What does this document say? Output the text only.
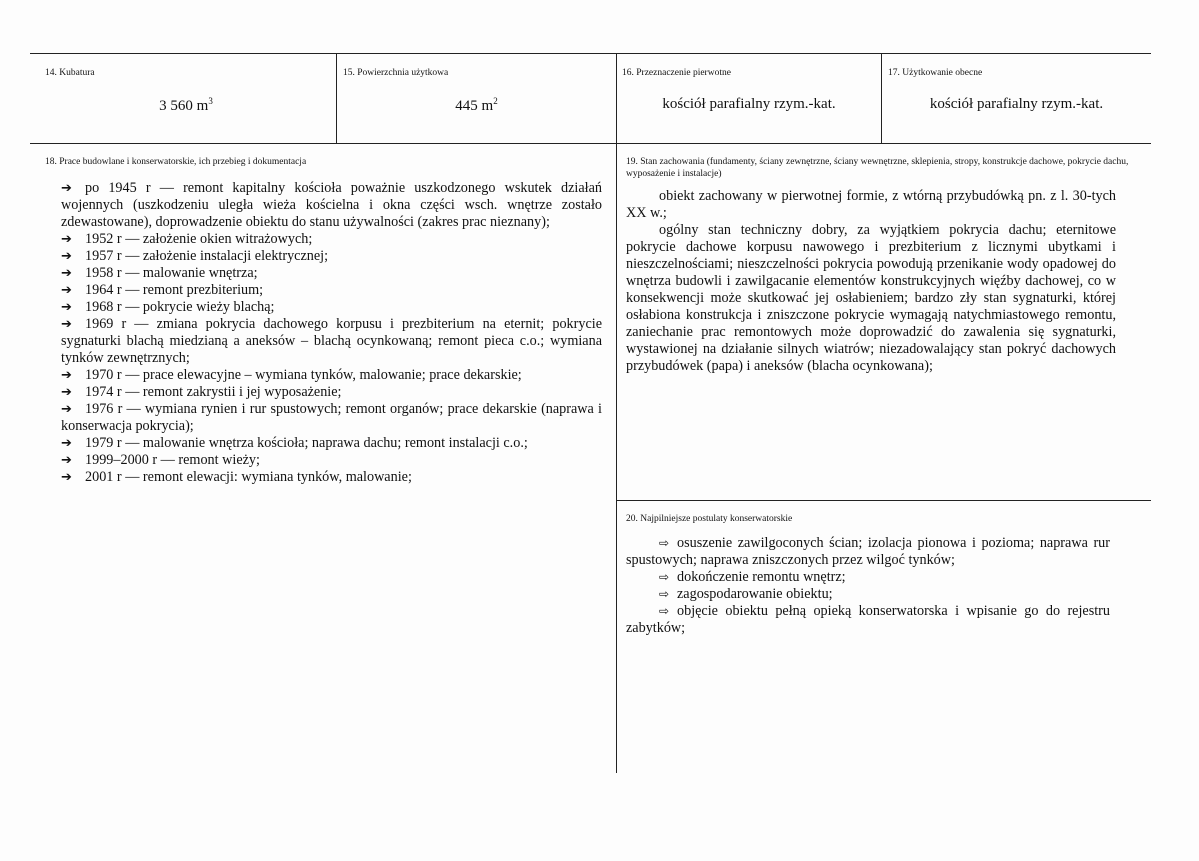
14. Kubatura
3 560 $m^3$
15. Powierzchnia użytkowa
445 $m^2$
16. Przeznaczenie pierwotne
kościół parafialny rzym.-kat.
17. Użytkowanie obecne
kościół parafialny rzym.-kat.
18. Prace budowlane i konserwatorskie, ich przebieg i dokumentacja
➔ po 1945 r — remont kapitalny kościoła poważnie uszkodzonego wskutek działań wojennych (uszkodzeniu uległa wieża kościelna i okna części wsch. wnętrze zostało zdewastowane), doprowadzenie obiektu do stanu używalności (zakres prac nieznany);
➔ 1952 r — założenie okien witrażowych;
➔ 1957 r — założenie instalacji elektrycznej;
➔ 1958 r — malowanie wnętrza;
➔ 1964 r — remont prezbiterium;
➔ 1968 r — pokrycie wieży blachą;
➔ 1969 r — zmiana pokrycia dachowego korpusu i prezbiterium na eternit; pokrycie sygnaturki blachą miedzianą a aneksów – blachą ocynkowaną; remont pieca c.o.; wymiana tynków zewnętrznych;
➔ 1970 r — prace elewacyjne – wymiana tynków, malowanie; prace dekarskie;
➔ 1974 r — remont zakrystii i jej wyposażenie;
➔ 1976 r — wymiana rynien i rur spustowych; remont organów; prace dekarskie (naprawa i konserwacja pokrycia);
➔ 1979 r — malowanie wnętrza kościoła; naprawa dachu; remont instalacji c.o.;
➔ 1999–2000 r — remont wieży;
➔ 2001 r — remont elewacji: wymiana tynków, malowanie;
19. Stan zachowania (fundamenty, ściany zewnętrzne, ściany wewnętrzne, sklepienia, stropy, konstrukcje dachowe, pokrycie dachu, wyposażenie i instalacje)

obiekt zachowany w pierwotnej formie, z wtórną przybudówką pn. z l. 30-tych XX w.;

ogólny stan techniczny dobry, za wyjątkiem pokrycia dachu; eternitowe pokrycie dachowe korpusu nawowego i prezbiterium z licznymi ubytkami i nieszczelnościami; nieszczelności pokrycia powodują przenikanie wody opadowej do wnętrza budowli i zawilgacanie elementów konstrukcyjnych więźby dachowej, co w konsekwencji może skutkować jej osłabieniem; bardzo zły stan sygnaturki, której osłabiona konstrukcja i zniszczone pokrycie wymagają natychmiastowego remontu, zaniechanie prac remontowych może doprowadzić do zawalenia się sygnaturki, wystawionej na działanie silnych wiatrów; niezadowalający stan pokryć dachowych przybudówek (papa) i aneksów (blacha ocynkowana);

20. Najpilniejsze postulaty konserwatorskie
⇨ osuszenie zawilgoconych ścian; izolacja pionowa i pozioma; naprawa rur spustowych; naprawa zniszczonych przez wilgoć tynków;
⇨ dokończenie remontu wnętrz;
⇨ zagospodarowanie obiektu;
⇨ objęcie obiektu pełną opieką konserwatorska i wpisanie go do rejestru zabytków;
